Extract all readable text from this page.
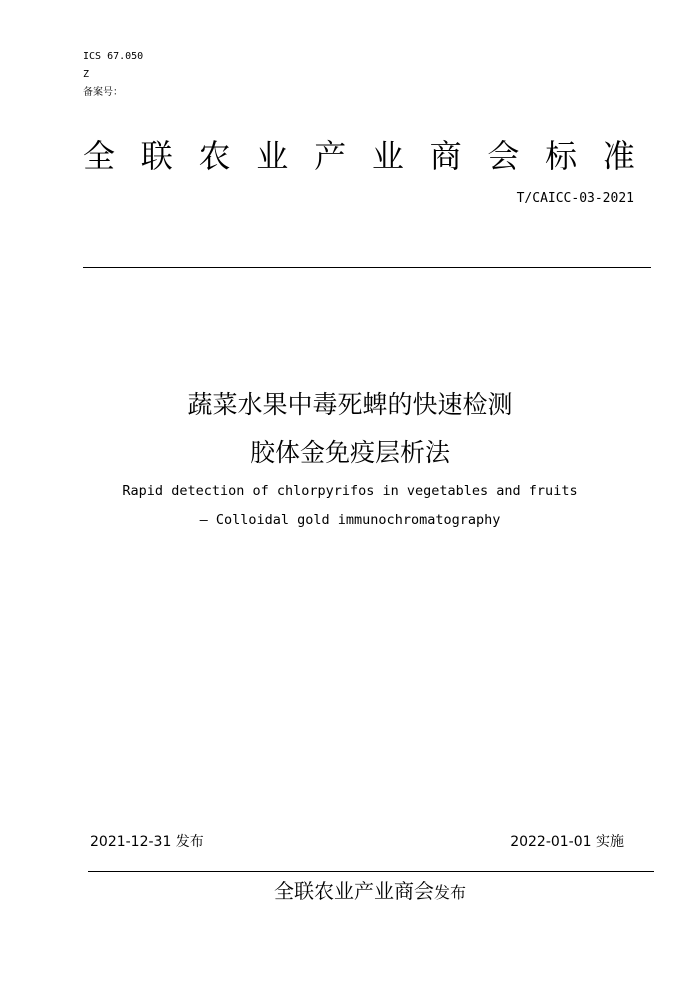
ICS 67.050
Z
备案号：
全 联 农 业 产 业 商 会 标 准
T/CAICC-03-2021
蔬菜水果中毒死蜱的快速检测
胶体金免疫层析法
Rapid detection of chlorpyrifos in vegetables and fruits
— Colloidal gold immunochromatography
2021-12-31 发布	2022-01-01 实施
全联农业产业商会发布
